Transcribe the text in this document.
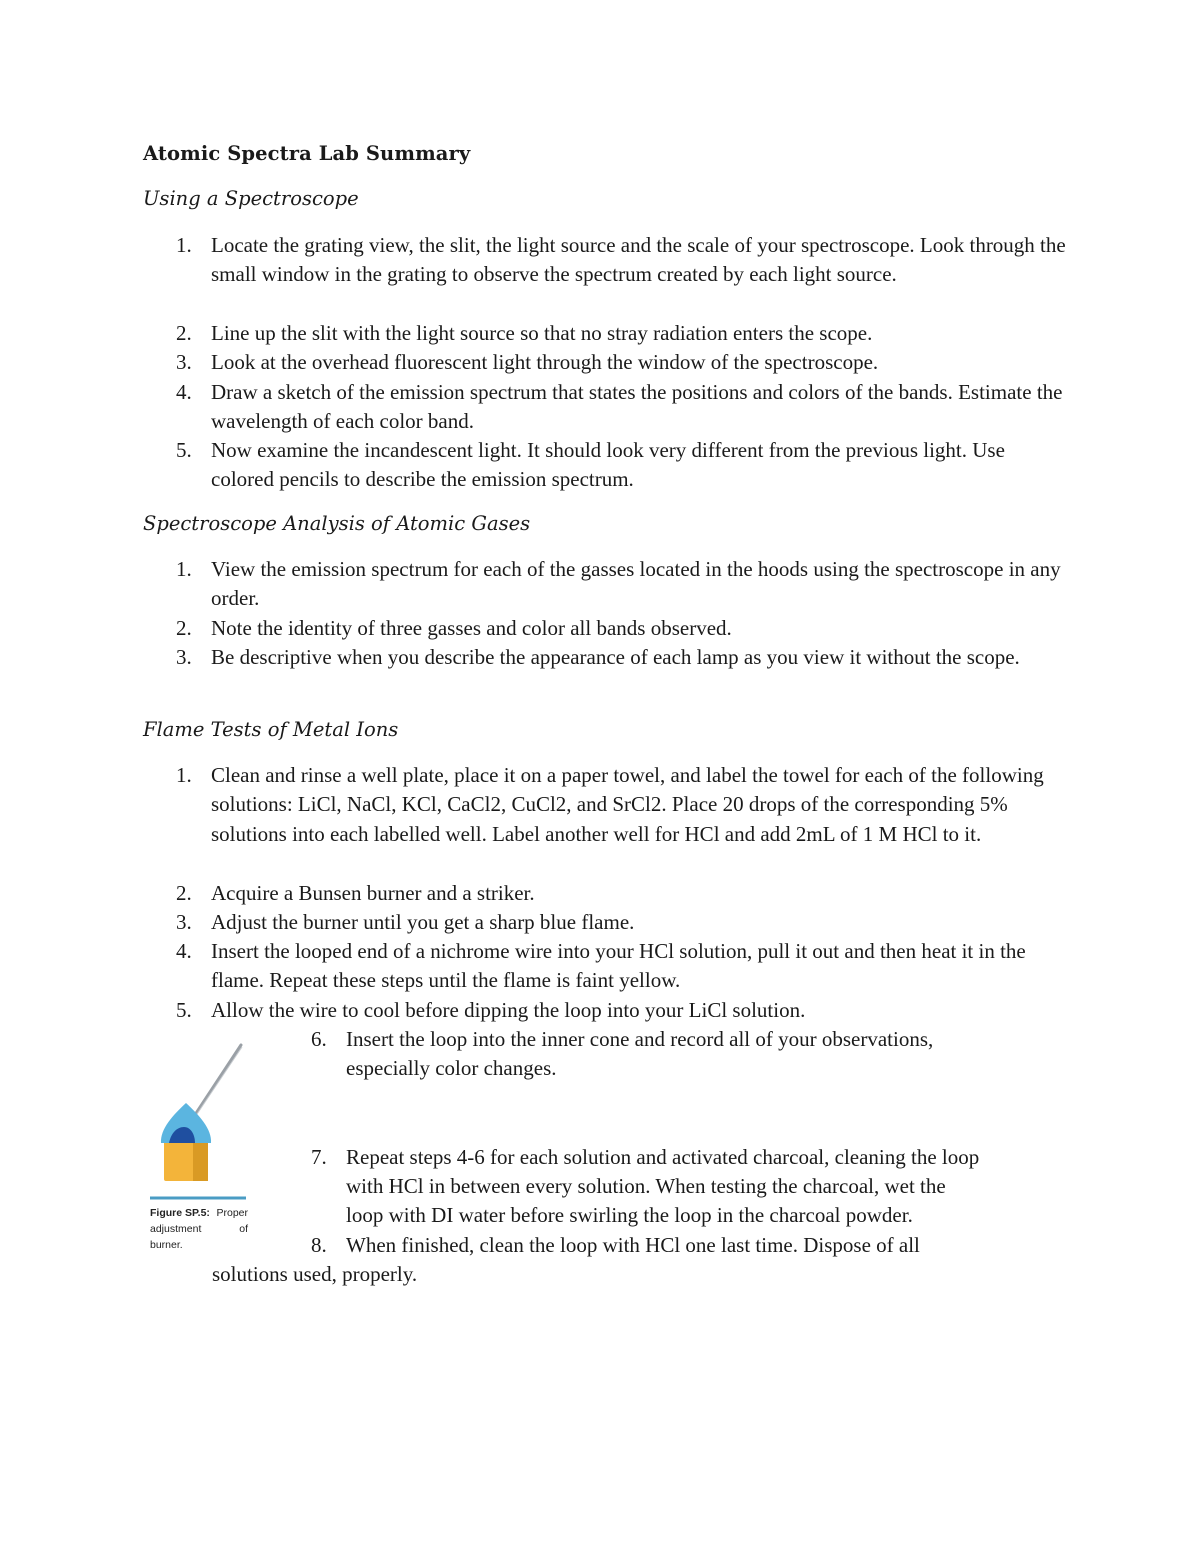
Atomic Spectra Lab Summary
Using a Spectroscope
1. Locate the grating view, the slit, the light source and the scale of your spectroscope. Look through the small window in the grating to observe the spectrum created by each light source.
2. Line up the slit with the light source so that no stray radiation enters the scope.
3. Look at the overhead fluorescent light through the window of the spectroscope.
4. Draw a sketch of the emission spectrum that states the positions and colors of the bands. Estimate the wavelength of each color band.
5. Now examine the incandescent light. It should look very different from the previous light. Use colored pencils to describe the emission spectrum.
Spectroscope Analysis of Atomic Gases
1. View the emission spectrum for each of the gasses located in the hoods using the spectroscope in any order.
2. Note the identity of three gasses and color all bands observed.
3. Be descriptive when you describe the appearance of each lamp as you view it without the scope.
Flame Tests of Metal Ions
1. Clean and rinse a well plate, place it on a paper towel, and label the towel for each of the following solutions: LiCl, NaCl, KCl, CaCl2, CuCl2, and SrCl2. Place 20 drops of the corresponding 5% solutions into each labelled well. Label another well for HCl and add 2mL of 1 M HCl to it.
2. Acquire a Bunsen burner and a striker.
3. Adjust the burner until you get a sharp blue flame.
4. Insert the looped end of a nichrome wire into your HCl solution, pull it out and then heat it in the flame. Repeat these steps until the flame is faint yellow.
5. Allow the wire to cool before dipping the loop into your LiCl solution.
6. Insert the loop into the inner cone and record all of your observations,
especially color changes.
7. Repeat steps 4-6 for each solution and activated charcoal, cleaning the loop
with HCl in between every solution. When testing the charcoal, wet the
loop with DI water before swirling the loop in the charcoal powder.
8. When finished, clean the loop with HCl one last time. Dispose of all
solutions used, properly.
Figure SP.5: Proper
adjustment	of
burner.
